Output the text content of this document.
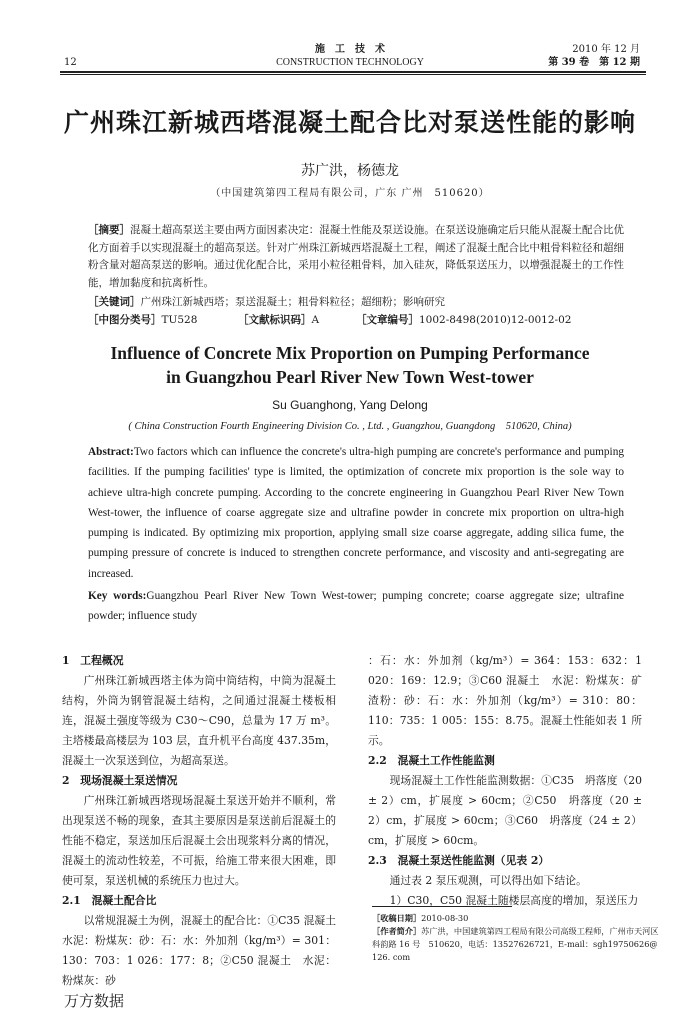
12
施　工　技　术
CONSTRUCTION TECHNOLOGY
2010 年 12 月
第 39 卷　第 12 期
广州珠江新城西塔混凝土配合比对泵送性能的影响
苏广洪，杨德龙
（中国建筑第四工程局有限公司，广东 广州　510620）
［摘要］混凝土超高泵送主要由两方面因素决定：混凝土性能及泵送设施。在泵送设施确定后只能从混凝土配合比优化方面着手以实现混凝土的超高泵送。针对广州珠江新城西塔混凝土工程，阐述了混凝土配合比中粗骨料粒径和超细粉含量对超高泵送的影响。通过优化配合比，采用小粒径粗骨料，加入硅灰，降低泵送压力，以增强混凝土的工作性能，增加黏度和抗离析性。
［关键词］广州珠江新城西塔；泵送混凝土；粗骨料粒径；超细粉；影响研究
［中图分类号］TU528	［文献标识码］A	［文章编号］1002-8498(2010)12-0012-02
Influence of Concrete Mix Proportion on Pumping Performance
in Guangzhou Pearl River New Town West-tower
Su Guanghong, Yang Delong
( China Construction Fourth Engineering Division Co. , Ltd. , Guangzhou, Guangdong　510620, China)
Abstract:Two factors which can influence the concrete's ultra-high pumping are concrete's performance and pumping facilities. If the pumping facilities' type is limited, the optimization of concrete mix proportion is the sole way to achieve ultra-high concrete pumping. According to the concrete engineering in Guangzhou Pearl River New Town West-tower, the influence of coarse aggregate size and ultrafine powder in concrete mix proportion on ultra-high pumping is indicated. By optimizing mix proportion, applying small size coarse aggregate, adding silica fume, the pumping pressure of concrete is induced to strengthen concrete performance, and viscosity and anti-segregating are increased.
Key words:Guangzhou Pearl River New Town West-tower; pumping concrete; coarse aggregate size; ultrafine powder; influence study

1　工程概况

广州珠江新城西塔主体为筒中筒结构，中筒为混凝土结构，外筒为钢管混凝土结构，之间通过混凝土楼板相连，混凝土强度等级为 C30～C90，总量为 17 万 m³。主塔楼最高楼层为 103 层，直升机平台高度 437.35m，混凝土一次泵送到位，为超高泵送。

2　现场混凝土泵送情况

广州珠江新城西塔现场混凝土泵送开始并不顺利，常出现泵送不畅的现象，查其主要原因是泵送前后混凝土的性能不稳定，泵送加压后混凝土会出现浆料分离的情况，混凝土的流动性较差，不可振，给施工带来很大困难，即使可泵，泵送机械的系统压力也过大。

2.1　混凝土配合比

以常规混凝土为例，混凝土的配合比：①C35 混凝土　水泥：粉煤灰：砂：石：水：外加剂（kg/m³）= 301：130：703：1 026：177：8；②C50 混凝土　水泥：粉煤灰：砂

：石：水：外加剂（kg/m³）= 364：153：632：1 020：169：12.9；③C60 混凝土　水泥：粉煤灰：矿渣粉：砂：石：水：外加剂（kg/m³）= 310：80：110：735：1 005：155：8.75。混凝土性能如表 1 所示。

2.2　混凝土工作性能监测

现场混凝土工作性能监测数据：①C35　坍落度（20 ± 2）cm，扩展度 > 60cm；②C50　坍落度（20 ± 2）cm，扩展度 > 60cm；③C60　坍落度（24 ± 2）cm，扩展度 > 60cm。

2.3　混凝土泵送性能监测（见表 2）

通过表 2 泵压观测，可以得出如下结论。

1）C30，C50 混凝土随楼层高度的增加，泵送压力

［收稿日期］2010-08-30
［作者简介］苏广洪，中国建筑第四工程局有限公司高级工程师，广州市天河区科韵路 16 号　510620，电话：13527626721，E-mail：sgh19750626@ 126. com
万方数据
